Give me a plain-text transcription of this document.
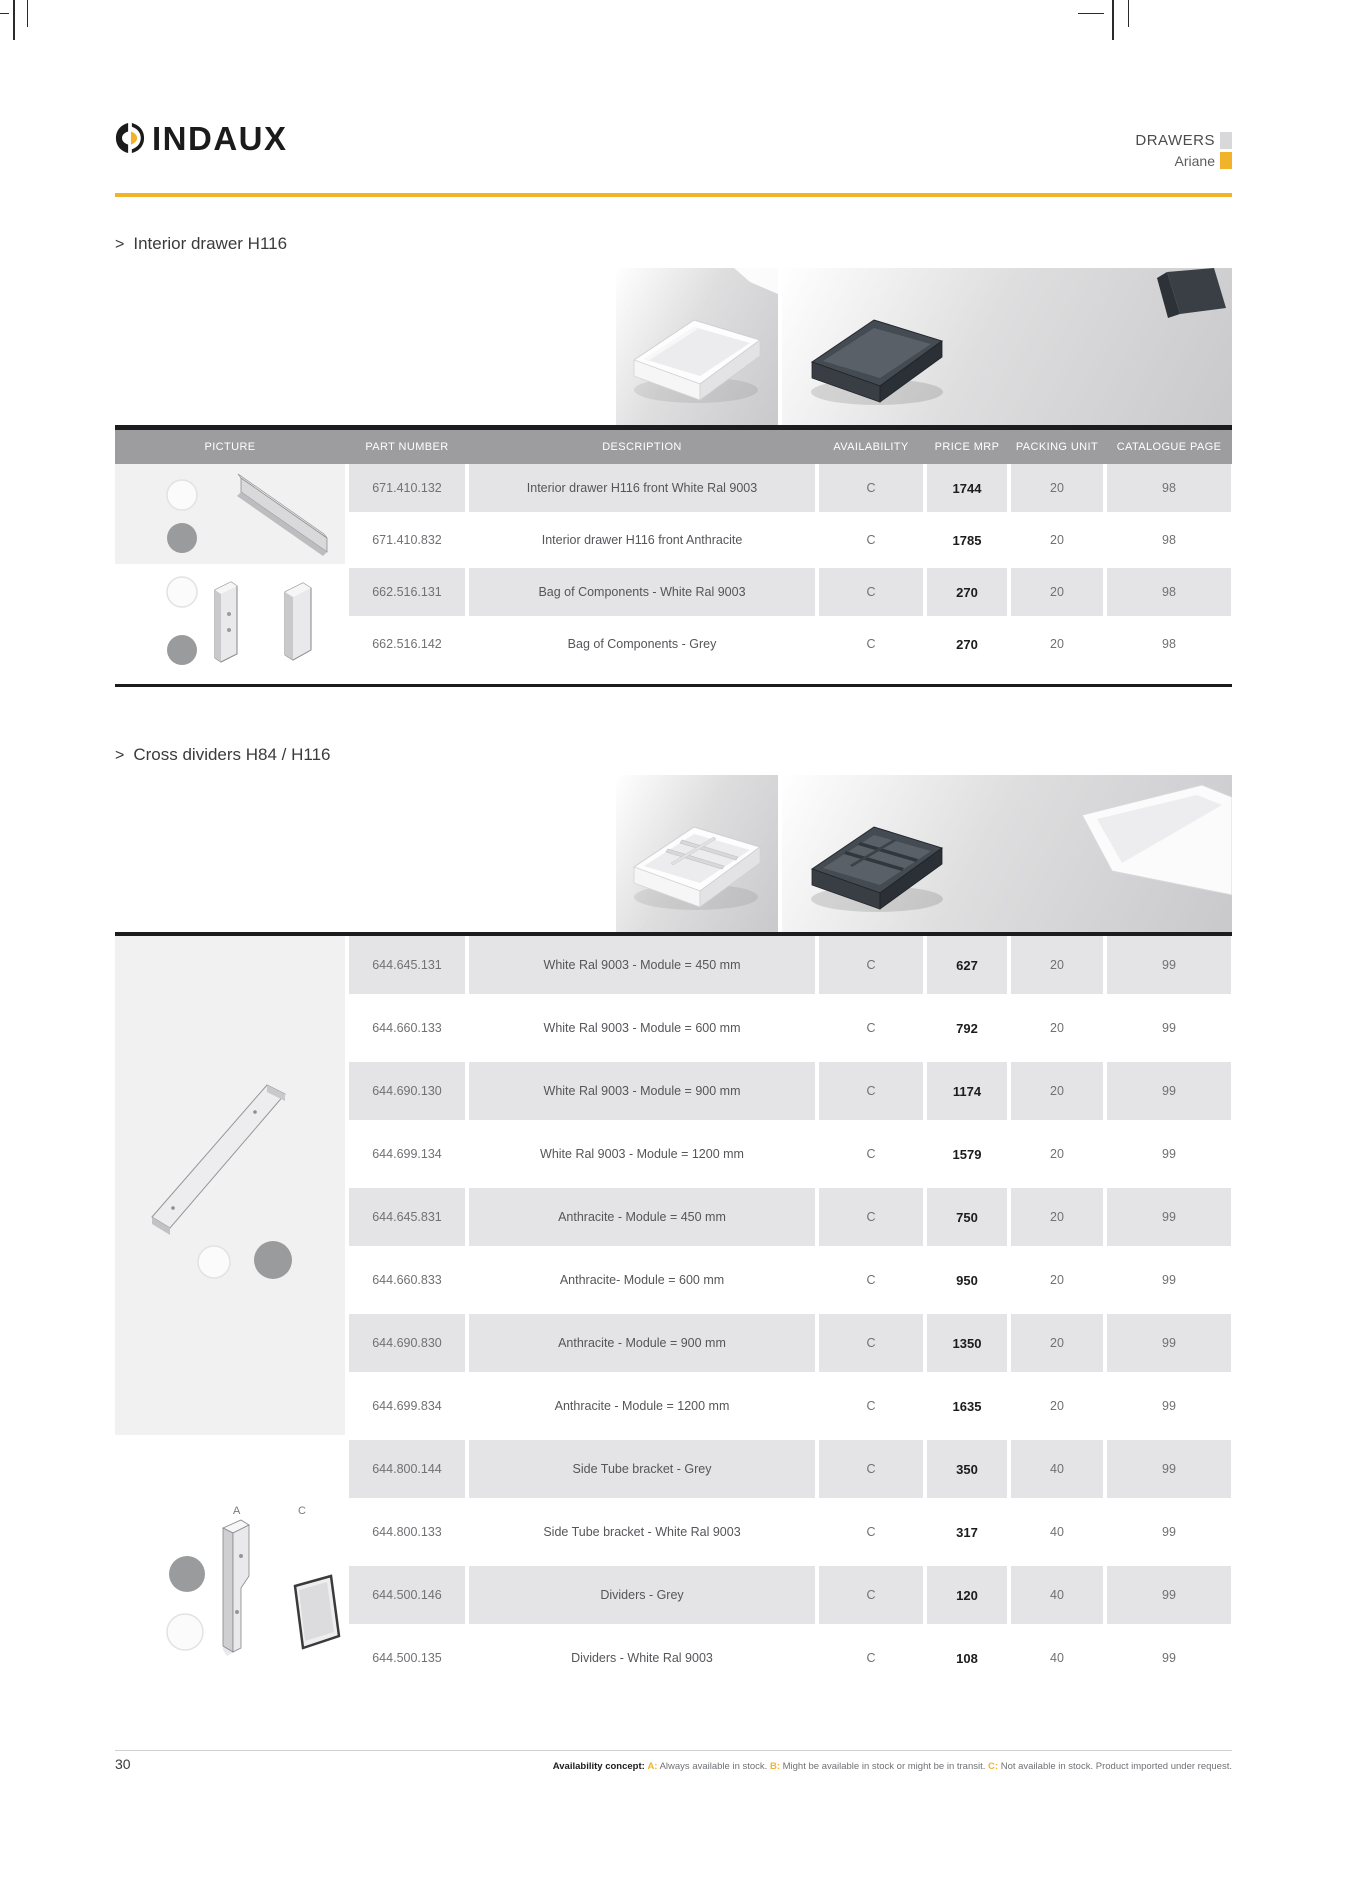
INDAUX	DRAWERS
Ariane
> Interior drawer H116
PICTURE	PART NUMBER	DESCRIPTION	AVAILABILITY	PRICE MRP	PACKING UNIT	CATALOGUE PAGE
671.410.132	Interior drawer H116 front White Ral 9003	C	1744	20	98
671.410.832	Interior drawer H116 front Anthracite	C	1785	20	98
662.516.131	Bag of Components - White Ral 9003	C	270	20	98
662.516.142	Bag of Components - Grey	C	270	20	98
> Cross dividers H84 / H116
644.645.131	White Ral 9003 - Module = 450 mm	C	627	20	99
644.660.133	White Ral 9003 - Module = 600 mm	C	792	20	99
644.690.130	White Ral 9003 - Module = 900 mm	C	1174	20	99
644.699.134	White Ral 9003 - Module = 1200 mm	C	1579	20	99
644.645.831	Anthracite - Module = 450 mm	C	750	20	99
644.660.833	Anthracite- Module = 600 mm	C	950	20	99
644.690.830	Anthracite - Module = 900 mm	C	1350	20	99
644.699.834	Anthracite - Module = 1200 mm	C	1635	20	99
644.800.144	Side Tube bracket - Grey	C	350	40	99
644.800.133	Side Tube bracket - White Ral 9003	C	317	40	99
644.500.146	Dividers - Grey	C	120	40	99
644.500.135	Dividers - White Ral 9003	C	108	40	99
A	C
30	Availability concept: A: Always available in stock. B: Might be available in stock or might be in transit. C: Not available in stock. Product imported under request.
